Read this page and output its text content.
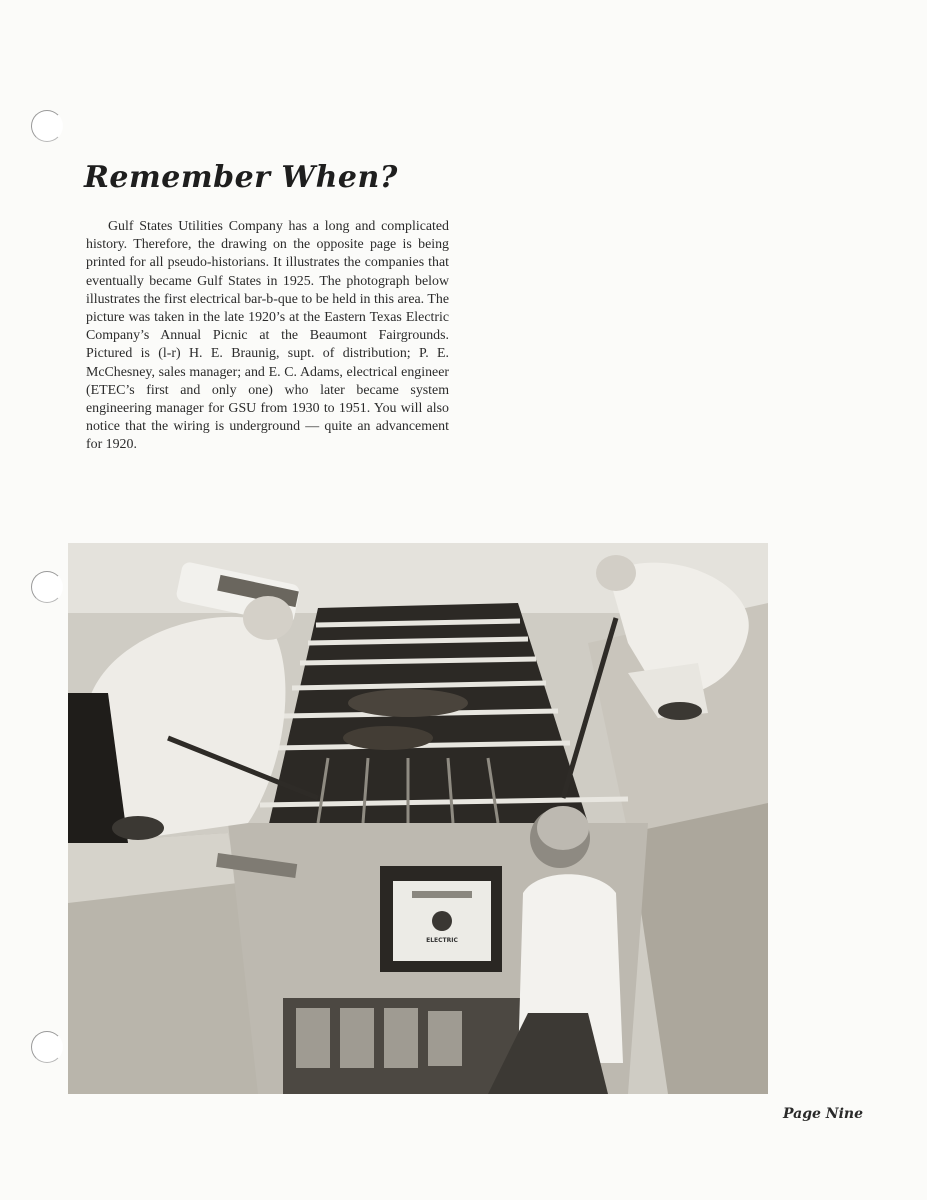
Remember When?

Gulf States Utilities Company has a long and complicated history. Therefore, the drawing on the opposite page is being printed for all pseudo-historians. It illustrates the companies that eventually became Gulf States in 1925. The photograph below illustrates the first electrical bar-b-que to be held in this area. The picture was taken in the late 1920’s at the Eastern Texas Electric Company’s Annual Picnic at the Beaumont Fairgrounds. Pictured is (l-r) H. E. Braunig, supt. of distribution; P. E. McChesney, sales manager; and E. C. Adams, electrical engineer (ETEC’s first and only one) who later became system engineering manager for GSU from 1930 to 1951. You will also notice that the wiring is underground — quite an advancement for 1920.

ELECTRIC
Page Nine
